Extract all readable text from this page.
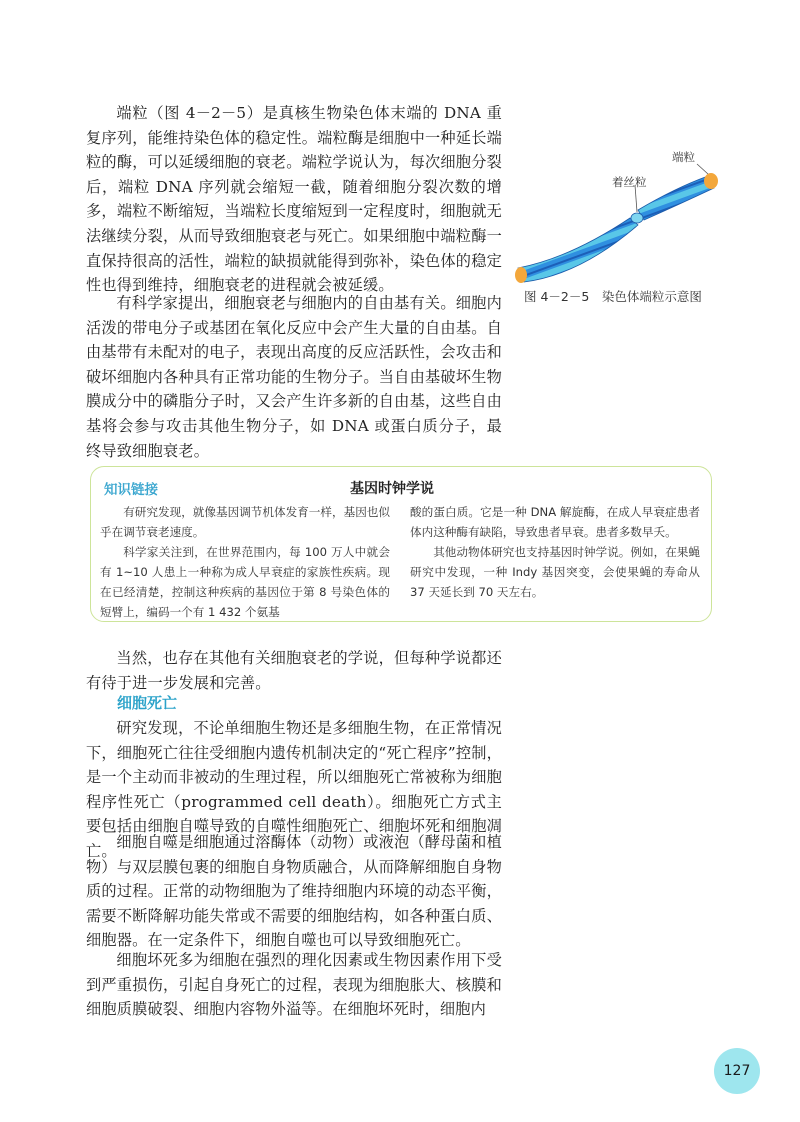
端粒（图 4－2－5）是真核生物染色体末端的 DNA 重复序列，能维持染色体的稳定性。端粒酶是细胞中一种延长端粒的酶，可以延缓细胞的衰老。端粒学说认为，每次细胞分裂后，端粒 DNA 序列就会缩短一截，随着细胞分裂次数的增多，端粒不断缩短，当端粒长度缩短到一定程度时，细胞就无法继续分裂，从而导致细胞衰老与死亡。如果细胞中端粒酶一直保持很高的活性，端粒的缺损就能得到弥补，染色体的稳定性也得到维持，细胞衰老的进程就会被延缓。

端粒
着丝粒
图 4－2－5　染色体端粒示意图

有科学家提出，细胞衰老与细胞内的自由基有关。细胞内活泼的带电分子或基团在氧化反应中会产生大量的自由基。自由基带有未配对的电子，表现出高度的反应活跃性，会攻击和破坏细胞内各种具有正常功能的生物分子。当自由基破坏生物膜成分中的磷脂分子时，又会产生许多新的自由基，这些自由基将会参与攻击其他生物分子，如 DNA 或蛋白质分子，最终导致细胞衰老。

知识链接	基因时钟学说

有研究发现，就像基因调节机体发育一样，基因也似乎在调节衰老速度。

科学家关注到，在世界范围内，每 100 万人中就会有 1~10 人患上一种称为成人早衰症的家族性疾病。现在已经清楚，控制这种疾病的基因位于第 8 号染色体的短臂上，编码一个有 1 432 个氨基

酸的蛋白质。它是一种 DNA 解旋酶，在成人早衰症患者体内这种酶有缺陷，导致患者早衰。患者多数早夭。

其他动物体研究也支持基因时钟学说。例如，在果蝇研究中发现，一种 Indy 基因突变，会使果蝇的寿命从 37 天延长到 70 天左右。

当然，也存在其他有关细胞衰老的学说，但每种学说都还有待于进一步发展和完善。

细胞死亡

研究发现，不论单细胞生物还是多细胞生物，在正常情况下，细胞死亡往往受细胞内遗传机制决定的“死亡程序”控制，是一个主动而非被动的生理过程，所以细胞死亡常被称为细胞程序性死亡（programmed cell death）。细胞死亡方式主要包括由细胞自噬导致的自噬性细胞死亡、细胞坏死和细胞凋亡。 细胞自噬是细胞通过溶酶体（动物）或液泡（酵母菌和植物）与双层膜包裹的细胞自身物质融合，从而降解细胞自身物质的过程。正常的动物细胞为了维持细胞内环境的动态平衡，需要不断降解功能失常或不需要的细胞结构，如各种蛋白质、细胞器。在一定条件下，细胞自噬也可以导致细胞死亡。

细胞坏死多为细胞在强烈的理化因素或生物因素作用下受到严重损伤，引起自身死亡的过程，表现为细胞胀大、核膜和细胞质膜破裂、细胞内容物外溢等。在细胞坏死时，细胞内

127
